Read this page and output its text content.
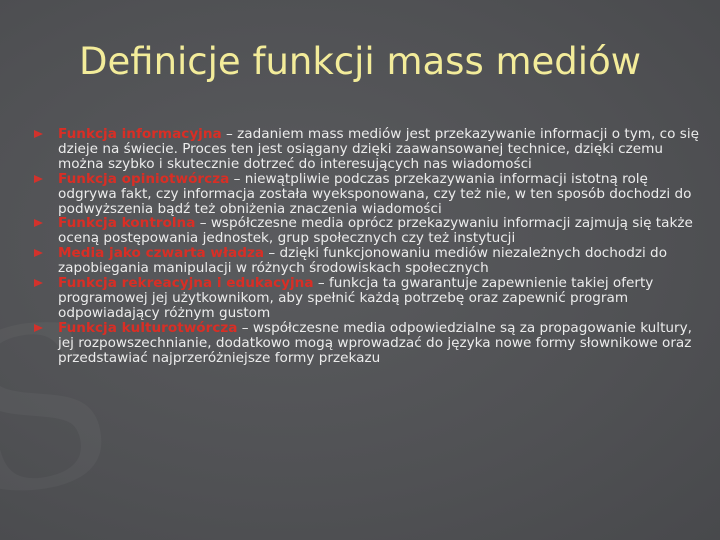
Definicje funkcji mass mediów
Funkcja informacyjna – zadaniem mass mediów jest przekazywanie informacji o tym, co się dzieje na świecie. Proces ten jest osiągany dzięki zaawansowanej technice, dzięki czemu można szybko i skutecznie dotrzeć do interesujących nas wiadomości
Funkcja opiniotwórcza – niewątpliwie podczas przekazywania informacji istotną rolę odgrywa fakt, czy informacja została wyeksponowana, czy też nie, w ten sposób dochodzi do podwyższenia bądź też obniżenia znaczenia wiadomości
Funkcja kontrolna – współczesne media oprócz przekazywaniu informacji zajmują się także oceną postępowania jednostek, grup społecznych czy też instytucji
Media jako czwarta władza – dzięki funkcjonowaniu mediów niezależnych dochodzi do zapobiegania manipulacji w różnych środowiskach społecznych
Funkcja rekreacyjna i edukacyjna – funkcja ta gwarantuje zapewnienie takiej oferty programowej jej użytkownikom, aby spełnić każdą potrzebę oraz zapewnić program odpowiadający różnym gustom
Funkcja kulturotwórcza – współczesne media odpowiedzialne są za propagowanie kultury, jej rozpowszechnianie, dodatkowo mogą wprowadzać do języka nowe formy słownikowe oraz przedstawiać najprzeróżniejsze formy przekazu
